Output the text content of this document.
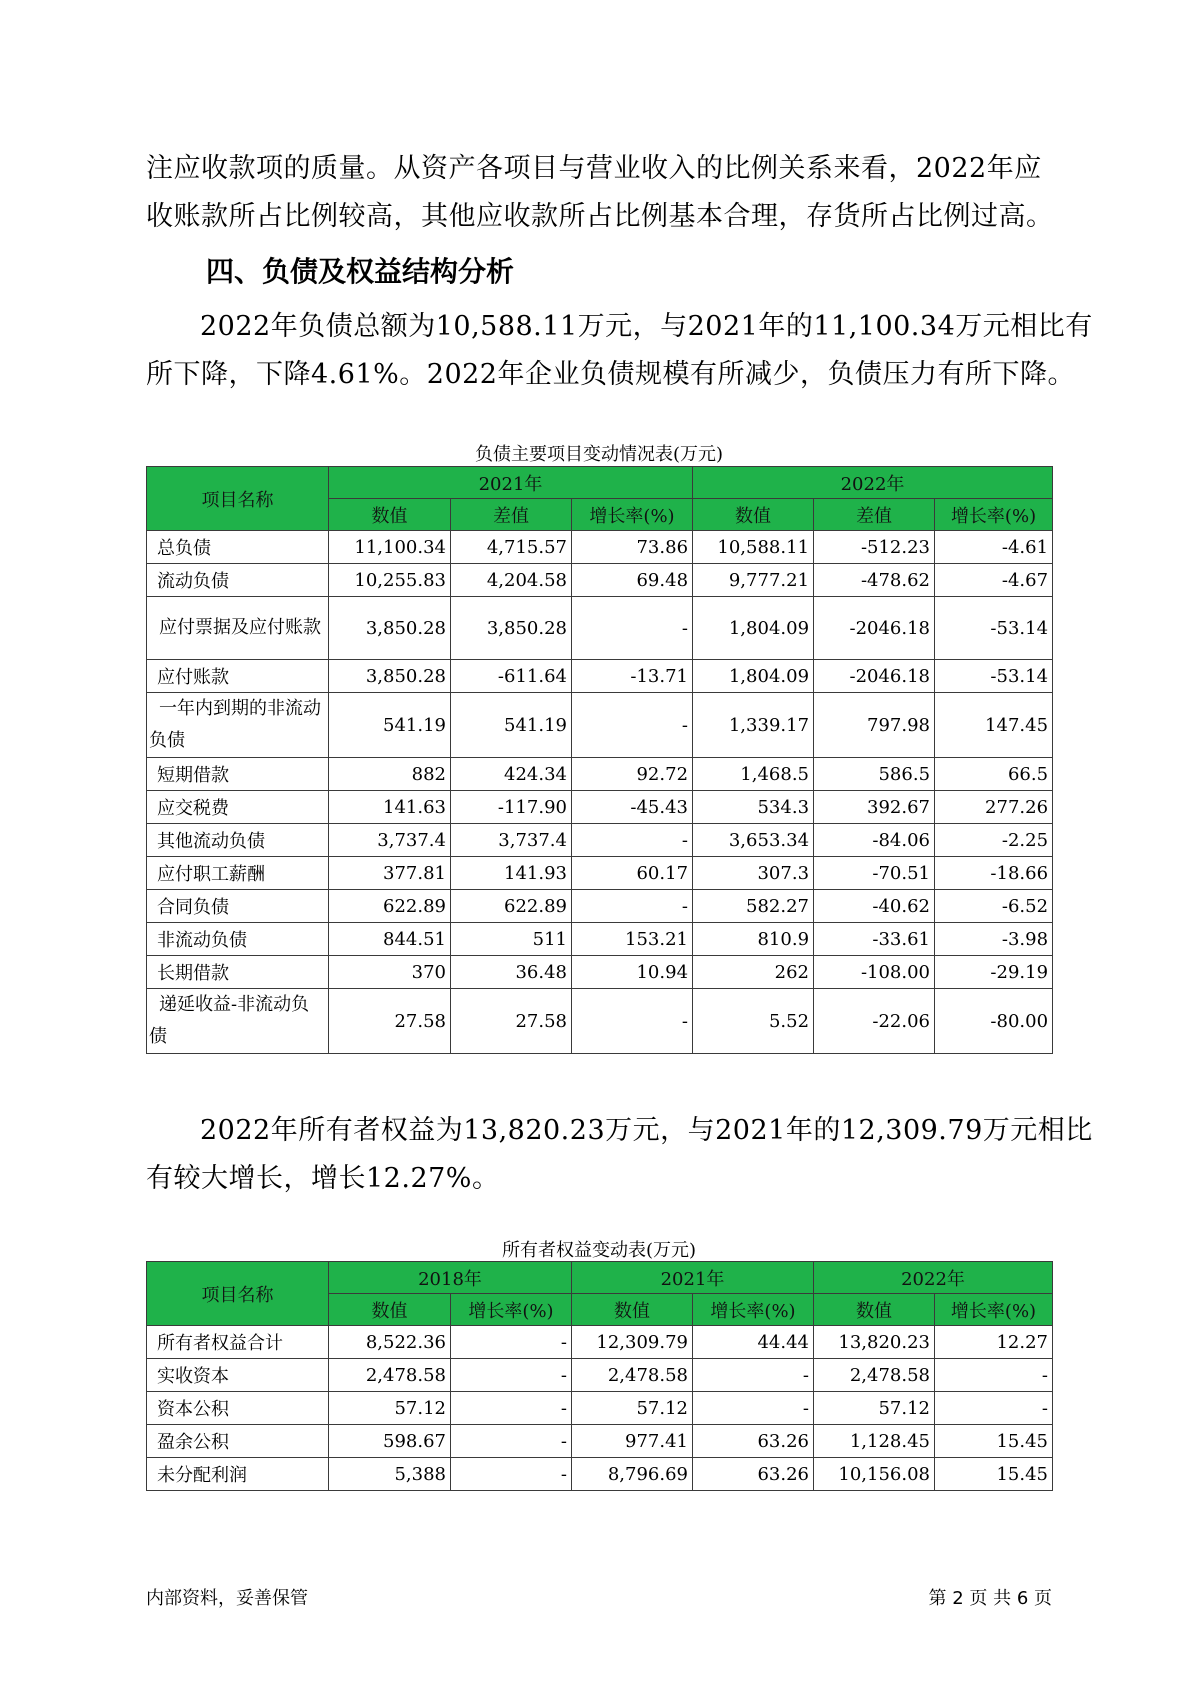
注应收款项的质量。从资产各项目与营业收入的比例关系来看，2022年应
收账款所占比例较高，其他应收款所占比例基本合理，存货所占比例过高。

四、负债及权益结构分析

2022年负债总额为10,588.11万元，与2021年的11,100.34万元相比有
所下降，下降4.61%。2022年企业负债规模有所减少，负债压力有所下降。

负债主要项目变动情况表(万元)

项目名称	2021年			2022年		
	数值	差值	增长率(%)	数值	差值	增长率(%)
总负债	11,100.34	4,715.57	73.86	10,588.11	-512.23	-4.61
流动负债	10,255.83	4,204.58	69.48	9,777.21	-478.62	-4.67
应付票据及应付账款	3,850.28	3,850.28	-	1,804.09	-2046.18	-53.14
应付账款	3,850.28	-611.64	-13.71	1,804.09	-2046.18	-53.14
一年内到期的非流动负债	541.19	541.19	-	1,339.17	797.98	147.45
短期借款	882	424.34	92.72	1,468.5	586.5	66.5
应交税费	141.63	-117.90	-45.43	534.3	392.67	277.26
其他流动负债	3,737.4	3,737.4	-	3,653.34	-84.06	-2.25
应付职工薪酬	377.81	141.93	60.17	307.3	-70.51	-18.66
合同负债	622.89	622.89	-	582.27	-40.62	-6.52
非流动负债	844.51	511	153.21	810.9	-33.61	-3.98
长期借款	370	36.48	10.94	262	-108.00	-29.19
递延收益-非流动负债	27.58	27.58	-	5.52	-22.06	-80.00

2022年所有者权益为13,820.23万元，与2021年的12,309.79万元相比
有较大增长，增长12.27%。

所有者权益变动表(万元)

项目名称	2018年		2021年		2022年	
	数值	增长率(%)	数值	增长率(%)	数值	增长率(%)
所有者权益合计	8,522.36	-	12,309.79	44.44	13,820.23	12.27
实收资本	2,478.58	-	2,478.58	-	2,478.58	-
资本公积	57.12	-	57.12	-	57.12	-
盈余公积	598.67	-	977.41	63.26	1,128.45	15.45
未分配利润	5,388	-	8,796.69	63.26	10,156.08	15.45

内部资料，妥善保管	第 2 页 共 6 页
